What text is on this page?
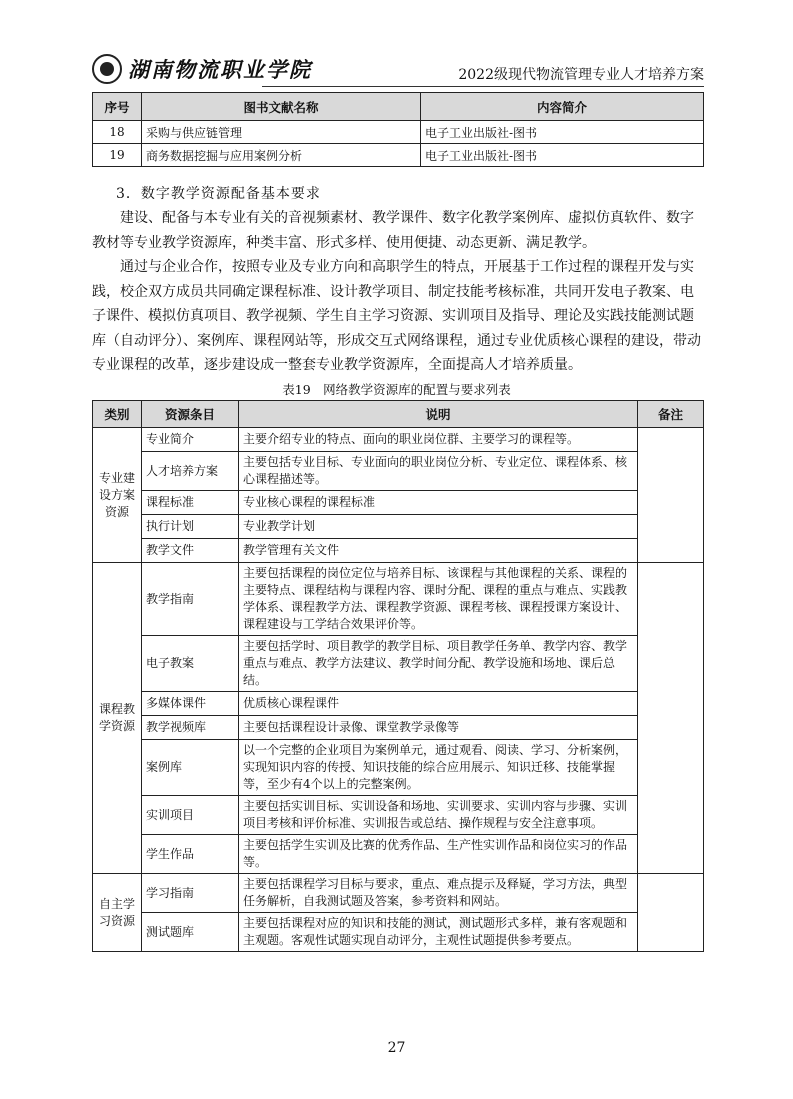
湖南物流职业学院	2022级现代物流管理专业人才培养方案
序号	图书文献名称	内容简介
18	采购与供应链管理	电子工业出版社-图书
19	商务数据挖掘与应用案例分析	电子工业出版社-图书
3．数字教学资源配备基本要求
建设、配备与本专业有关的音视频素材、教学课件、数字化教学案例库、虚拟仿真软件、数字教材等专业教学资源库，种类丰富、形式多样、使用便捷、动态更新、满足教学。
通过与企业合作，按照专业及专业方向和高职学生的特点，开展基于工作过程的课程开发与实践，校企双方成员共同确定课程标准、设计教学项目、制定技能考核标准，共同开发电子教案、电子课件、模拟仿真项目、教学视频、学生自主学习资源、实训项目及指导、理论及实践技能测试题库（自动评分）、案例库、课程网站等，形成交互式网络课程，通过专业优质核心课程的建设，带动专业课程的改革，逐步建设成一整套专业教学资源库，全面提高人才培养质量。
表19　网络教学资源库的配置与要求列表
类别	资源条目	说明	备注
专业建设方案资源	专业简介	主要介绍专业的特点、面向的职业岗位群、主要学习的课程等。	
	人才培养方案	主要包括专业目标、专业面向的职业岗位分析、专业定位、课程体系、核心课程描述等。	
	课程标准	专业核心课程的课程标准	
	执行计划	专业教学计划	
	教学文件	教学管理有关文件	
课程教学资源	教学指南	主要包括课程的岗位定位与培养目标、该课程与其他课程的关系、课程的主要特点、课程结构与课程内容、课时分配、课程的重点与难点、实践教学体系、课程教学方法、课程教学资源、课程考核、课程授课方案设计、课程建设与工学结合效果评价等。	
	电子教案	主要包括学时、项目教学的教学目标、项目教学任务单、教学内容、教学重点与难点、教学方法建议、教学时间分配、教学设施和场地、课后总结。	
	多媒体课件	优质核心课程课件	
	教学视频库	主要包括课程设计录像、课堂教学录像等	
	案例库	以一个完整的企业项目为案例单元，通过观看、阅读、学习、分析案例，实现知识内容的传授、知识技能的综合应用展示、知识迁移、技能掌握等，至少有4个以上的完整案例。	
	实训项目	主要包括实训目标、实训设备和场地、实训要求、实训内容与步骤、实训项目考核和评价标准、实训报告或总结、操作规程与安全注意事项。	
	学生作品	主要包括学生实训及比赛的优秀作品、生产性实训作品和岗位实习的作品等。	
自主学习资源	学习指南	主要包括课程学习目标与要求，重点、难点提示及释疑，学习方法，典型任务解析，自我测试题及答案，参考资料和网站。	
	测试题库	主要包括课程对应的知识和技能的测试，测试题形式多样，兼有客观题和主观题。客观性试题实现自动评分，主观性试题提供参考要点。	
27
